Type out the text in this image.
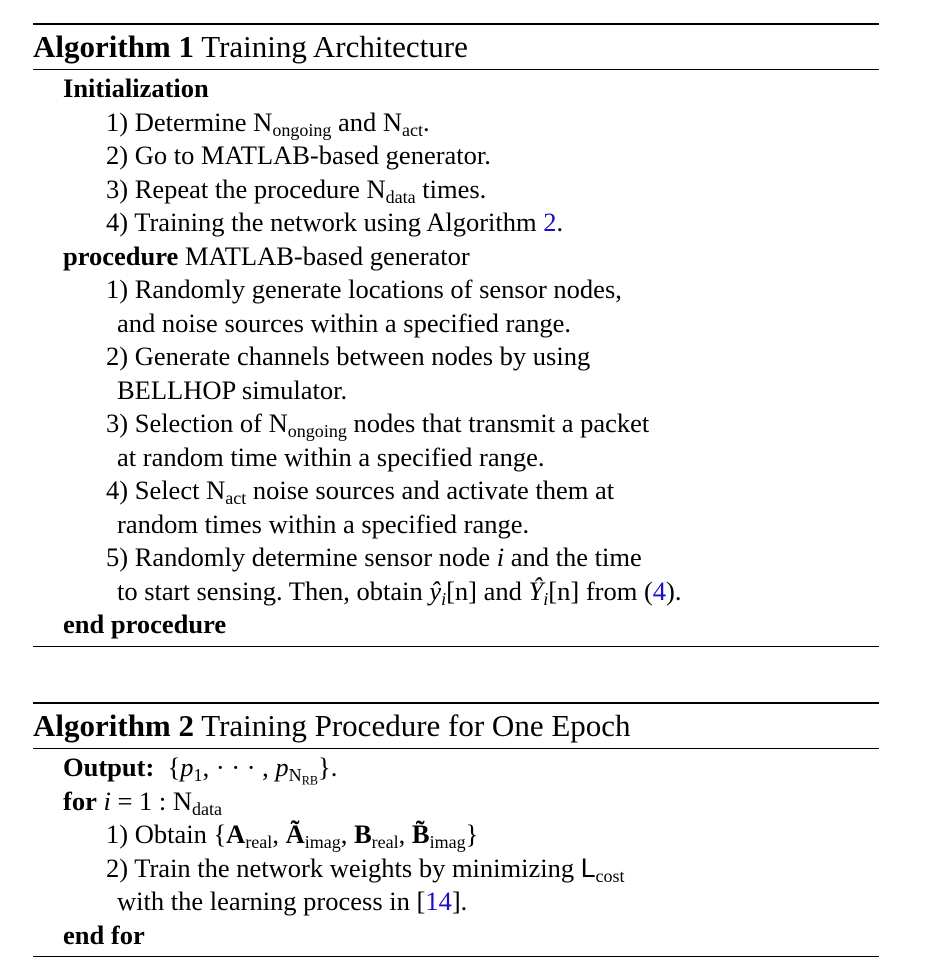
Algorithm 1 Training Architecture
Initialization
1) Determine $N_{ongoing}$ and $N_{act}$.
2) Go to MATLAB-based generator.
3) Repeat the procedure $N_{data}$ times.
4) Training the network using Algorithm 2.
procedure MATLAB-based generator
1) Randomly generate locations of sensor nodes,
and noise sources within a specified range.
2) Generate channels between nodes by using
BELLHOP simulator.
3) Selection of $N_{ongoing}$ nodes that transmit a packet
at random time within a specified range.
4) Select $N_{act}$ noise sources and activate them at
random times within a specified range.
5) Randomly determine sensor node i and the time
to start sensing. Then, obtain $ŷ_i[n]$ and $Ŷ_i[n]$ from (4).
end procedure
Algorithm 2 Training Procedure for One Epoch
Output: {$p_1$, · · · , $p_{N_{RB}}$}.
for i = 1 : $N_{data}$
1) Obtain {$A_{real}$, $Ã_{imag}$, $B_{real}$, $B̃_{imag}$}
2) Train the network weights by minimizing $L_{cost}$
with the learning process in [14].
end for
